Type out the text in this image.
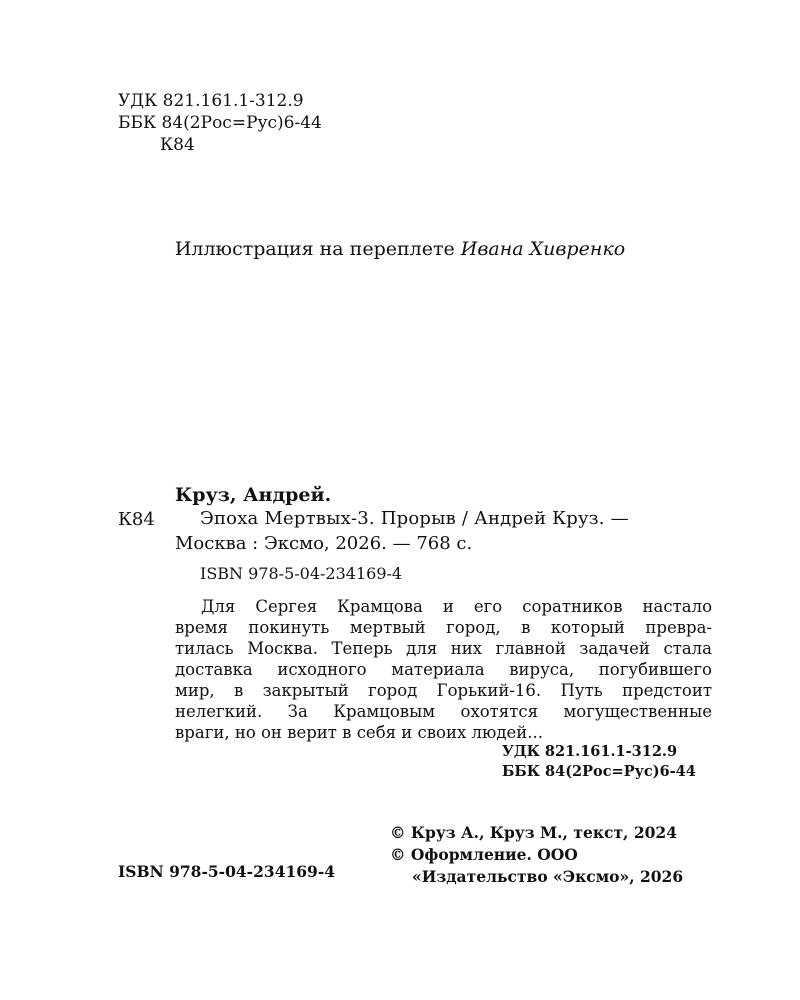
УДК 821.161.1-312.9
ББК 84(2Рос=Рус)6-44
К84
Иллюстрация на переплете Ивана Хивренко
Круз, Андрей.
К84	Эпоха Мертвых-3. Прорыв / Андрей Круз. —
Москва : Эксмо, 2026. — 768 с.
ISBN 978-5-04-234169-4
Для Сергея Крамцова и его соратников настало
время покинуть мертвый город, в который превра-
тилась Москва. Теперь для них главной задачей стала
доставка исходного материала вируса, погубившего
мир, в закрытый город Горький-16. Путь предстоит
нелегкий. За Крамцовым охотятся могущественные
враги, но он верит в себя и своих людей...
УДК 821.161.1-312.9
ББК 84(2Рос=Рус)6-44
© Круз А., Круз М., текст, 2024
© Оформление. ООО
«Издательство «Эксмо», 2026
ISBN 978-5-04-234169-4
